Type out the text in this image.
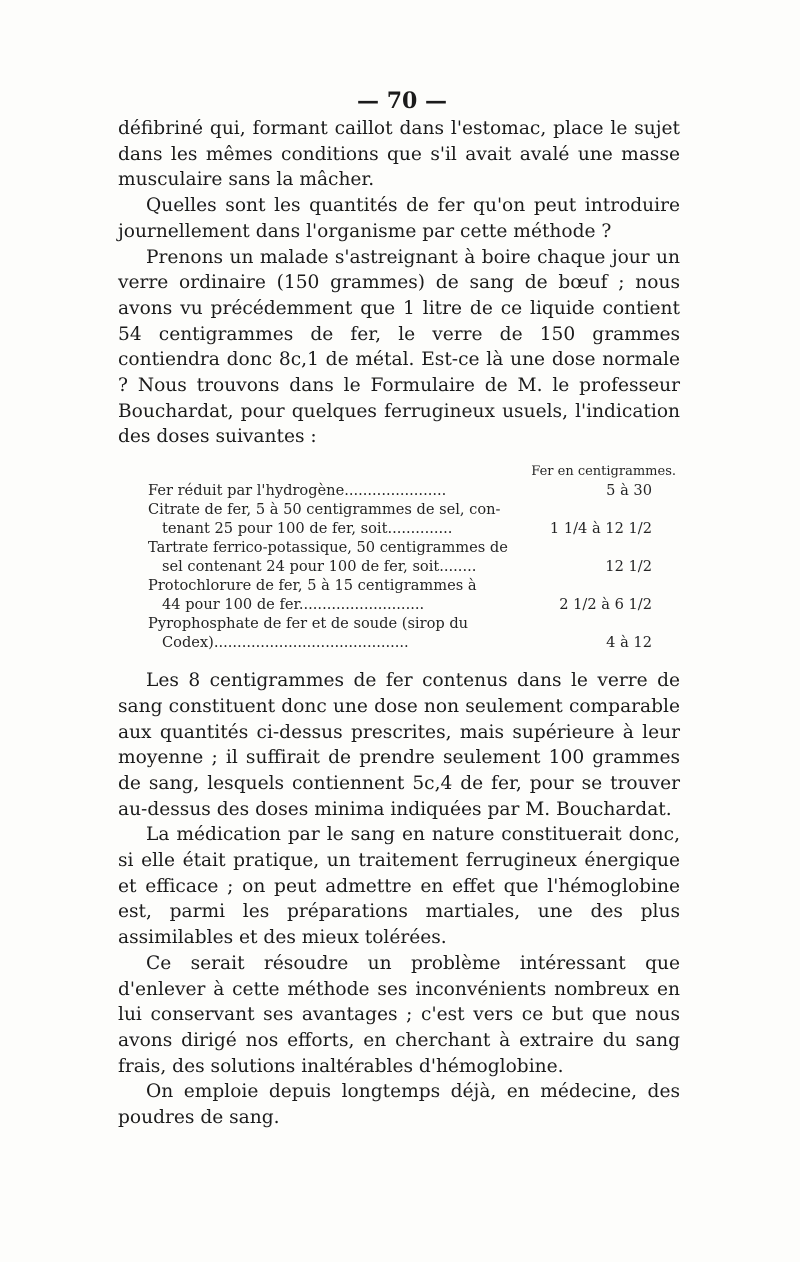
— 70 —

défibriné qui, formant caillot dans l'estomac, place le sujet dans les mêmes conditions que s'il avait avalé une masse musculaire sans la mâcher.

Quelles sont les quantités de fer qu'on peut introduire journellement dans l'organisme par cette méthode ?

Prenons un malade s'astreignant à boire chaque jour un verre ordinaire (150 grammes) de sang de bœuf ; nous avons vu précédemment que 1 litre de ce liquide contient 54 centigrammes de fer, le verre de 150 grammes contiendra donc 8c,1 de métal. Est-ce là une dose normale ? Nous trouvons dans le Formulaire de M. le professeur Bouchardat, pour quelques ferrugineux usuels, l'indication des doses suivantes :

Fer en centigrammes.
Fer réduit par l'hydrogène......................	5 à 30
Citrate de fer, 5 à 50 centigrammes de sel, con-
tenant 25 pour 100 de fer, soit..............	1 1/4 à 12 1/2
Tartrate ferrico-potassique, 50 centigrammes de
sel contenant 24 pour 100 de fer, soit........	12 1/2
Protochlorure de fer, 5 à 15 centigrammes à
44 pour 100 de fer...........................	2 1/2 à 6 1/2
Pyrophosphate de fer et de soude (sirop du
Codex)..........................................	4 à 12

Les 8 centigrammes de fer contenus dans le verre de sang constituent donc une dose non seulement comparable aux quantités ci-dessus prescrites, mais supérieure à leur moyenne ; il suffirait de prendre seulement 100 grammes de sang, lesquels contiennent 5c,4 de fer, pour se trouver au-dessus des doses minima indiquées par M. Bouchardat.

La médication par le sang en nature constituerait donc, si elle était pratique, un traitement ferrugineux énergique et efficace ; on peut admettre en effet que l'hémoglobine est, parmi les préparations martiales, une des plus assimilables et des mieux tolérées.

Ce serait résoudre un problème intéressant que d'enlever à cette méthode ses inconvénients nombreux en lui conservant ses avantages ; c'est vers ce but que nous avons dirigé nos efforts, en cherchant à extraire du sang frais, des solutions inaltérables d'hémoglobine.

On emploie depuis longtemps déjà, en médecine, des poudres de sang.
